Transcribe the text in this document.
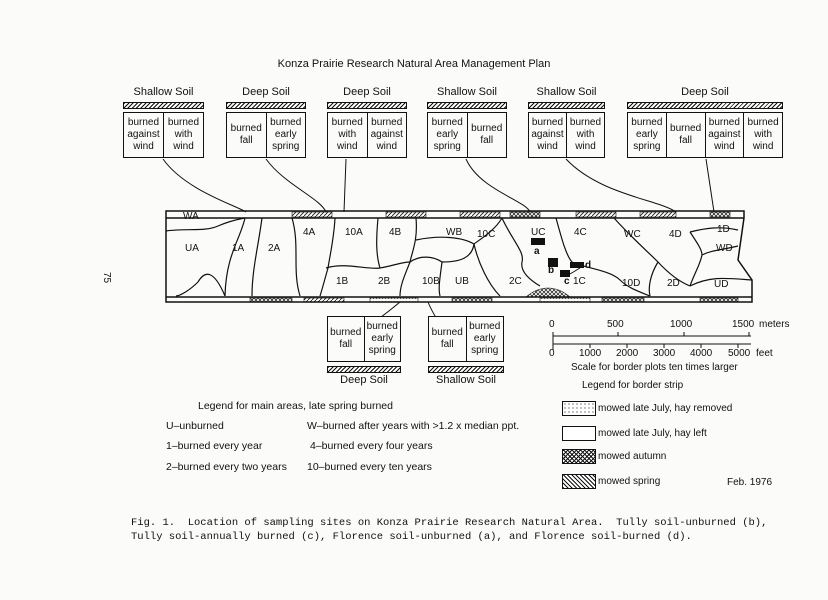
75
Konza Prairie Research Natural Area Management Plan
Shallow Soil
burned against wind
burned with wind
Deep Soil
burned fall
burned early spring
Deep Soil
burned with wind
burned against wind
Shallow Soil
burned early spring
burned fall
Shallow Soil
burned against wind
burned with wind
Deep Soil
burned early spring
burned fall
burned against wind
burned with wind
WA
UA	1A 2A
4A	10A	4B	WB 10C	UC	4C	WC	4D	1D
WD
UD
2D
10D
1C
2C
UB
10B
2B
1B
a
b
c
d
burned fall
burned early spring
Deep Soil
burned fall
burned early spring
Shallow Soil
0	500	1000	1500 meters
0 1000 2000 3000 4000 5000 feet
Scale for border plots ten times larger
Legend for main areas, late spring burned
U–unburned
1–burned every year
2–burned every two years
W–burned after years with >1.2 x median ppt.
4–burned every four years
10–burned every ten years
Legend for border strip
mowed late July, hay removed
mowed late July, hay left
mowed autumn
mowed spring	Feb. 1976
Fig. 1.  Location of sampling sites on Konza Prairie Research Natural Area.  Tully soil-unburned (b),
Tully soil-annually burned (c), Florence soil-unburned (a), and Florence soil-burned (d).
